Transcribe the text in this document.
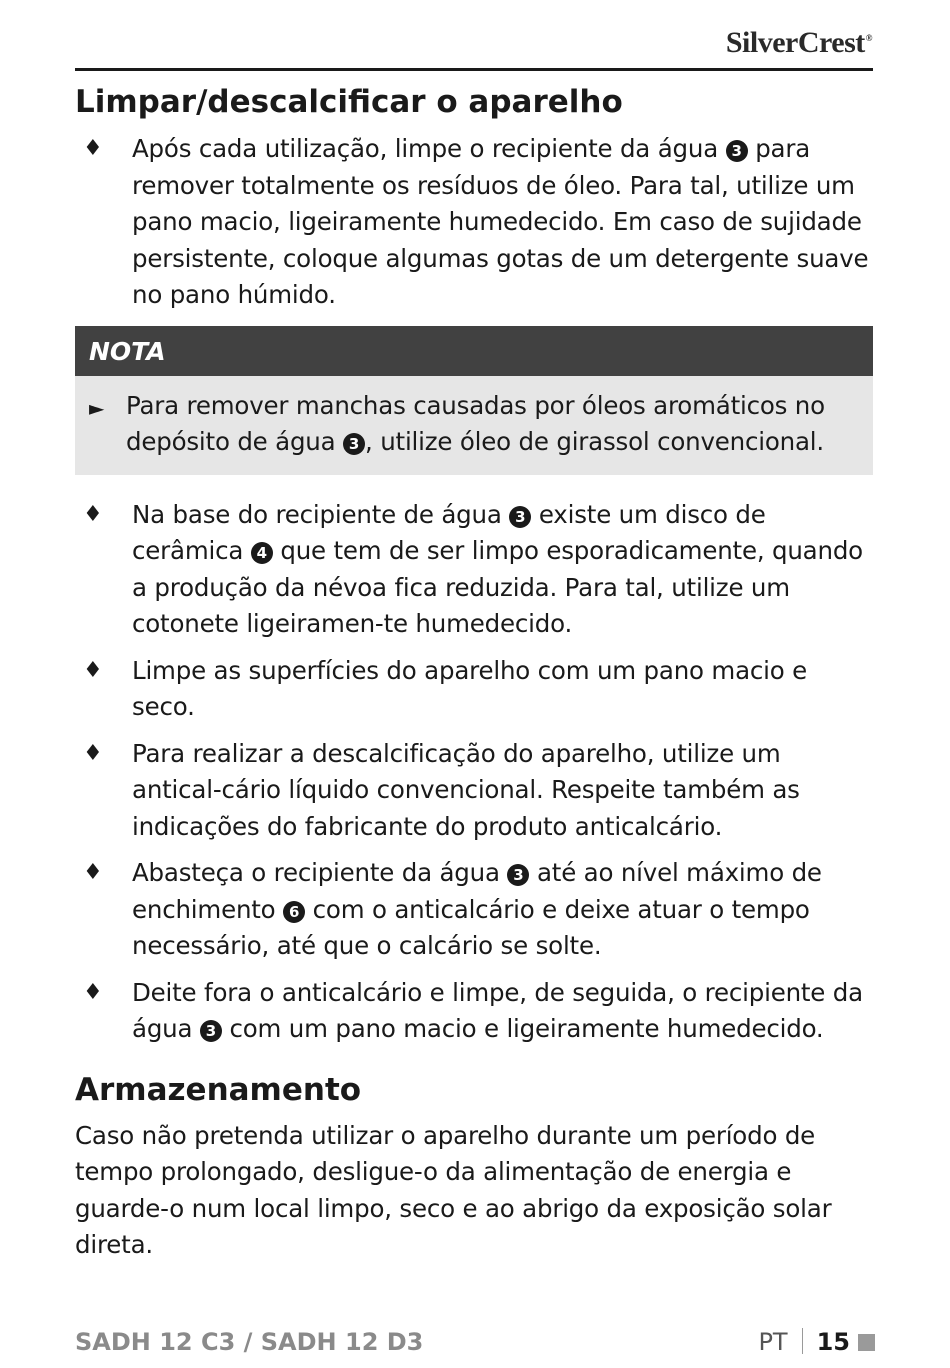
SilverCrest®
Limpar/descalcificar o aparelho
♦ Após cada utilização, limpe o recipiente da água 3 para remover totalmente os resíduos de óleo. Para tal, utilize um pano macio, ligeiramente humedecido. Em caso de sujidade persistente, coloque algumas gotas de um detergente suave no pano húmido.
NOTA
► Para remover manchas causadas por óleos aromáticos no depósito de água 3 , utilize óleo de girassol convencional.
♦ Na base do recipiente de água 3 existe um disco de cerâmica 4 que tem de ser limpo esporadicamente, quando a produção da névoa fica reduzida. Para tal, utilize um cotonete ligeiramen-te humedecido.
♦ Limpe as superfícies do aparelho com um pano macio e seco.
♦ Para realizar a descalcificação do aparelho, utilize um antical-cário líquido convencional. Respeite também as indicações do fabricante do produto anticalcário.
♦ Abasteça o recipiente da água 3 até ao nível máximo de enchimento 6 com o anticalcário e deixe atuar o tempo necessário, até que o calcário se solte.
♦ Deite fora o anticalcário e limpe, de seguida, o recipiente da água 3 com um pano macio e ligeiramente humedecido.
Armazenamento

Caso não pretenda utilizar o aparelho durante um período de tempo prolongado, desligue-o da alimentação de energia e guarde-o num local limpo, seco e ao abrigo da exposição solar direta.

SADH 12 C3 / SADH 12 D3	PT 15
